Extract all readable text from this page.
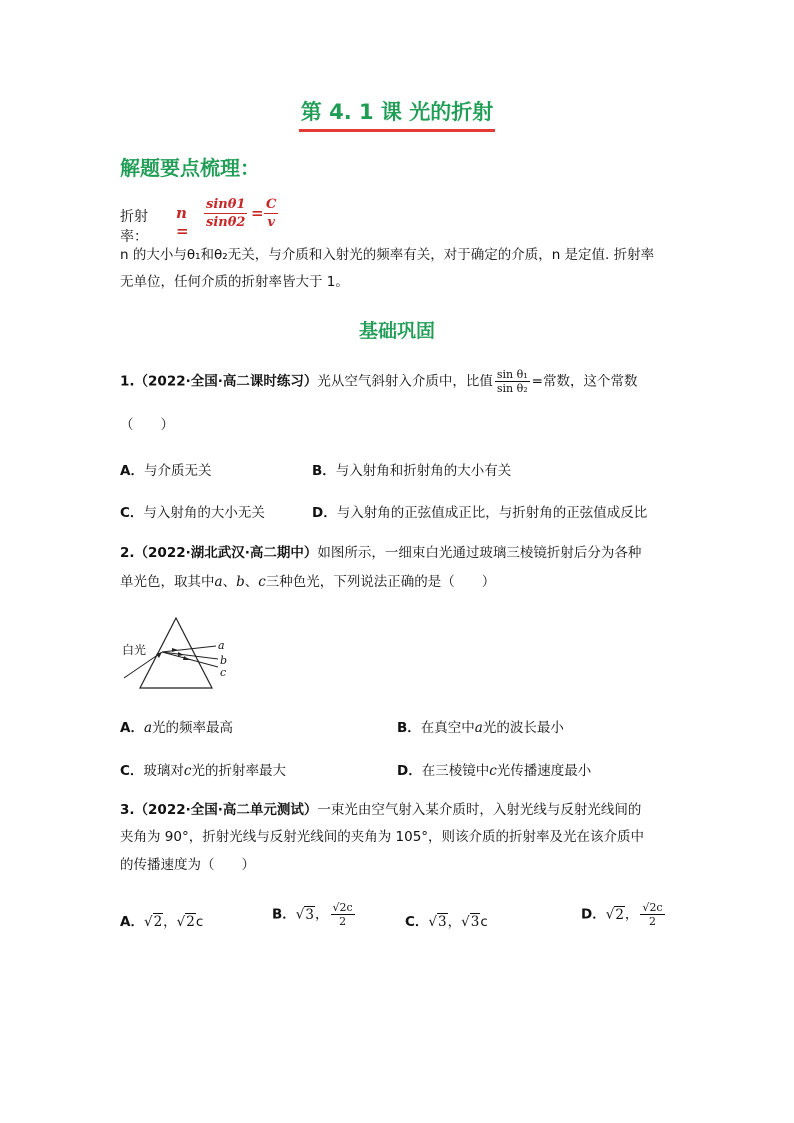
第 4. 1 课 光的折射
解题要点梳理：
折射率：
$n = \frac{\sin\theta 1}{\sin\theta 2} = \frac{C}{v}$
n 的大小与θ₁和θ₂无关，与介质和入射光的频率有关，对于确定的介质，n 是定值. 折射率
无单位，任何介质的折射率皆大于 1。
基础巩固
1.（2022·全国·高二课时练习）光从空气斜射入介质中，比值 $\frac{\text{sin θ₁}}{\text{sin θ₂}}$ =常数，这个常数
（　　）
A．与介质无关	B．与入射角和折射角的大小有关
C．与入射角的大小无关	D．与入射角的正弦值成正比，与折射角的正弦值成反比
2.（2022·湖北武汉·高二期中）如图所示，一细束白光通过玻璃三棱镜折射后分为各种
单光色，取其中a、b、c三种色光，下列说法正确的是（　　）
白光	a
b
c
A．a光的频率最高	B．在真空中a光的波长最小
C．玻璃对c光的折射率最大	D．在三棱镜中c光传播速度最小
3.（2022·全国·高二单元测试）一束光由空气射入某介质时，入射光线与反射光线间的
夹角为 90°，折射光线与反射光线间的夹角为 105°，则该介质的折射率及光在该介质中
的传播速度为（　　）
A．√2，√2c	B．√3， $\frac{√2c}{2}$	C．√3，√3c	D．√2， $\frac{√2c}{2}$
